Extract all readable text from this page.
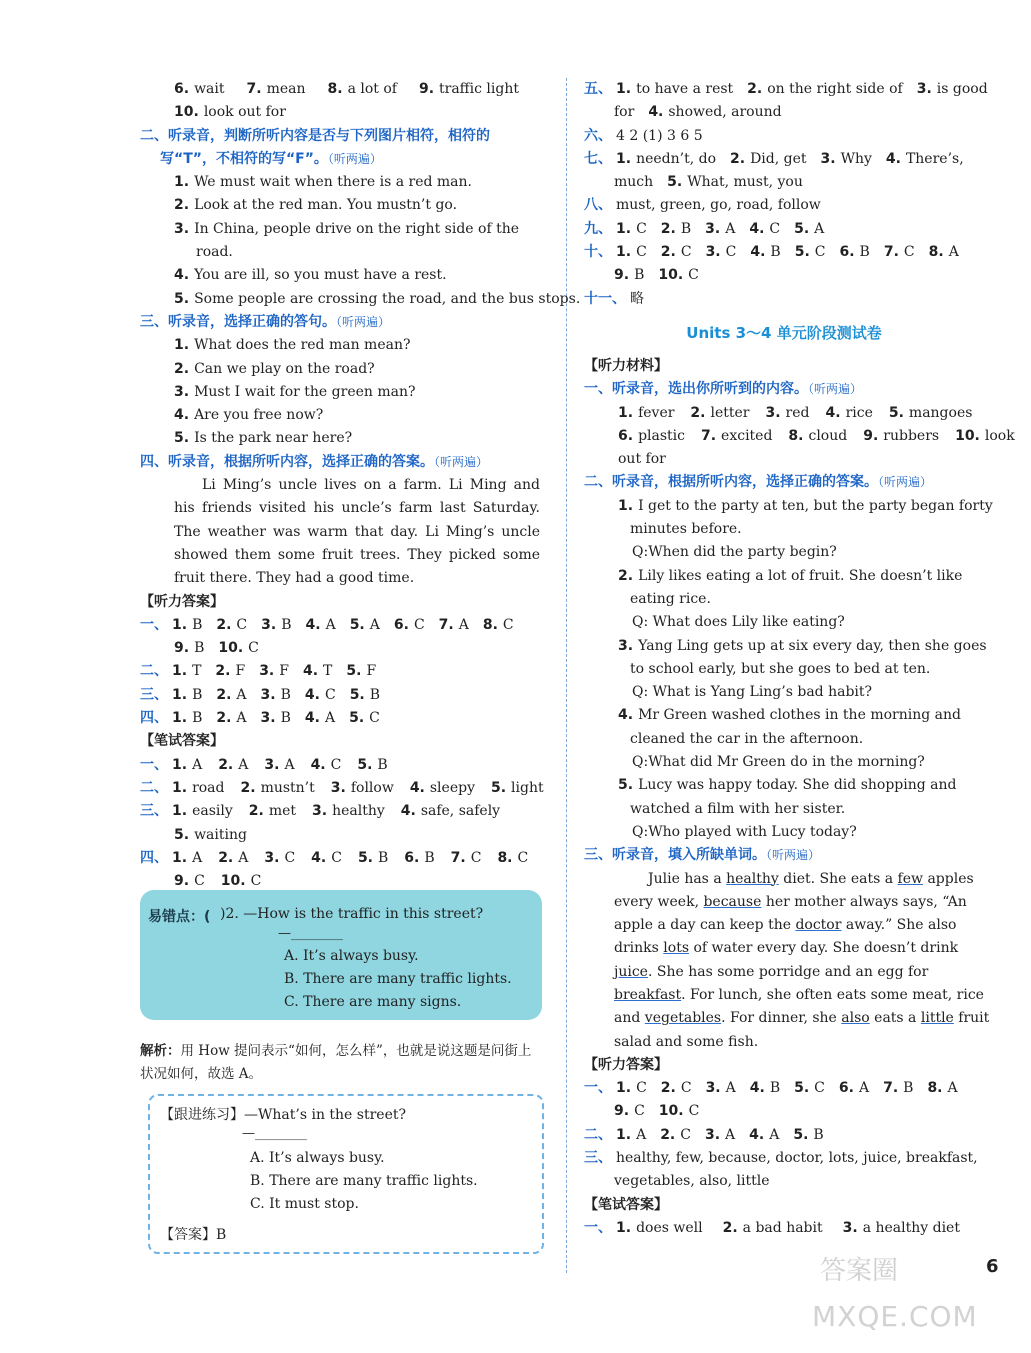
6. wait 7. mean 8. a lot of 9. traffic light
10. look out for
二、听录音，判断所听内容是否与下列图片相符，相符的
写“T”，不相符的写“F”。（听两遍）
1. We must wait when there is a red man.
2. Look at the red man. You mustn’t go.
3. In China, people drive on the right side of the
road.
4. You are ill, so you must have a rest.
5. Some people are crossing the road, and the bus stops.
三、听录音，选择正确的答句。（听两遍）
1. What does the red man mean?
2. Can we play on the road?
3. Must I wait for the green man?
4. Are you free now?
5. Is the park near here?
四、听录音，根据所听内容，选择正确的答案。（听两遍）
Li Ming’s uncle lives on a farm. Li Ming and his friends visited his uncle’s farm last Saturday. The weather was warm that day. Li Ming’s uncle showed them some fruit trees. They picked some fruit there. They had a good time.
【听力答案】
一、 1. B 2. C 3. B 4. A 5. A 6. C 7. A 8. C
9. B 10. C
二、 1. T 2. F 3. F 4. T 5. F
三、 1. B 2. A 3. B 4. C 5. B
四、 1. B 2. A 3. B 4. A 5. C
【笔试答案】
一、 1. A 2. A 3. A 4. C 5. B
二、 1. road 2. mustn’t 3. follow 4. sleepy 5. light
三、 1. easily 2. met 3. healthy 4. safe, safely
5. waiting
四、 1. A 2. A 3. C 4. C 5. B 6. B 7. C 8. C
9. C 10. C
易错点：( )2. —How is the traffic in this street?
—________
A. It’s always busy.
B. There are many traffic lights.
C. There are many signs.
解析：用 How 提问表示“如何，怎么样”，也就是说这题是问街上状况如何，故选 A。
【跟进练习】—What’s in the street?
—________
A. It’s always busy.
B. There are many traffic lights.
C. It must stop.
【答案】B
五、 1. to have a rest 2. on the right side of 3. is good
for 4. showed, around
六、 4 2 (1) 3 6 5
七、 1. needn’t, do 2. Did, get 3. Why 4. There’s,
much 5. What, must, you
八、 must, green, go, road, follow
九、 1. C 2. B 3. A 4. C 5. A
十、 1. C 2. C 3. C 4. B 5. C 6. B 7. C 8. A
9. B 10. C
十一、 略
Units 3～4 单元阶段测试卷
【听力材料】
一、听录音，选出你所听到的内容。（听两遍）
1. fever 2. letter 3. red 4. rice 5. mangoes
6. plastic 7. excited 8. cloud 9. rubbers 10. look
out for
二、听录音，根据所听内容，选择正确的答案。（听两遍）
1. I get to the party at ten, but the party began forty
minutes before.
Q:When did the party begin?
2. Lily likes eating a lot of fruit. She doesn’t like
eating rice.
Q: What does Lily like eating?
3. Yang Ling gets up at six every day, then she goes
to school early, but she goes to bed at ten.
Q: What is Yang Ling’s bad habit?
4. Mr Green washed clothes in the morning and
cleaned the car in the afternoon.
Q:What did Mr Green do in the morning?
5. Lucy was happy today. She did shopping and
watched a film with her sister.
Q:Who played with Lucy today?
三、听录音，填入所缺单词。（听两遍）
Julie has a healthy diet. She eats a few apples
every week, because her mother always says, “An
apple a day can keep the doctor away.” She also
drinks lots of water every day. She doesn’t drink
juice. She has some porridge and an egg for
breakfast. For lunch, she often eats some meat, rice
and vegetables. For dinner, she also eats a little fruit
salad and some fish.
【听力答案】
一、 1. C 2. C 3. A 4. B 5. C 6. A 7. B 8. A
9. C 10. C
二、 1. A 2. C 3. A 4. A 5. B
三、 healthy, few, because, doctor, lots, juice, breakfast,
vegetables, also, little
【笔试答案】
一、 1. does well 2. a bad habit 3. a healthy diet
6
答案圈
MXQE.COM
